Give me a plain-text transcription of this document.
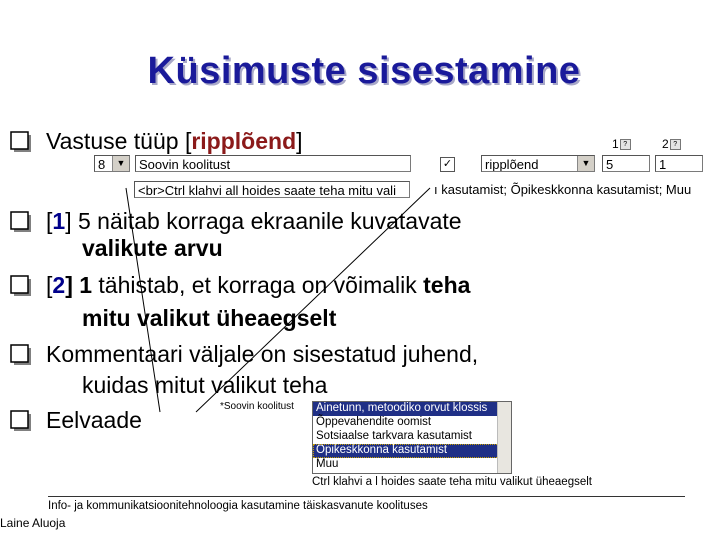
Küsimuste sisestamine
Vastuse tüüp [ripplõend]	1 ?	2 ?
8	▼	Soovin koolitust	✓	ripplõend	▼	5	1
<br>Ctrl klahvi all hoides saate teha mitu vali	ı kasutamist; Õpikeskkonna kasutamist; Muu
[1] 5 näitab korraga ekraanile kuvatavate
valikute arvu
[2] 1 tähistab, et korraga on võimalik teha
mitu valikut üheaegselt
Kommentaari väljale on sisestatud juhend,
kuidas mitut valikut teha
Eelvaade
*Soovin koolitust Ainetunn, metoodiko orvut klossis
Õppevahendite oomist
Sotsiaalse tarkvara kasutamist
Õpikeskkonna kasutamist
Muu
Ctrl klahvi a l hoides saate teha mitu valikut üheaegselt
Info- ja kommunikatsioonitehnoloogia kasutamine täiskasvanute koolituses
Laine Aluoja
